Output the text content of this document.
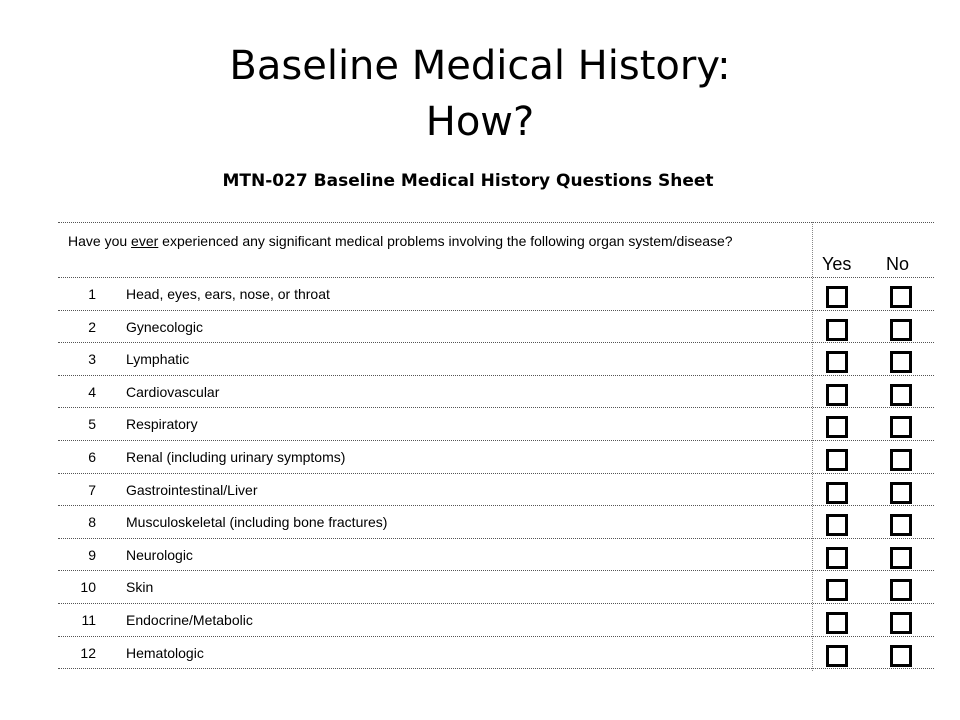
Baseline Medical History:
How?
MTN-027 Baseline Medical History Questions Sheet
Have you ever experienced any significant medical problems involving the following organ system/disease?
Yes No
1 Head, eyes, ears, nose, or throat
2 Gynecologic
3 Lymphatic
4 Cardiovascular
5 Respiratory
6 Renal (including urinary symptoms)
7 Gastrointestinal/Liver
8 Musculoskeletal (including bone fractures)
9 Neurologic
10 Skin
11 Endocrine/Metabolic
12 Hematologic
